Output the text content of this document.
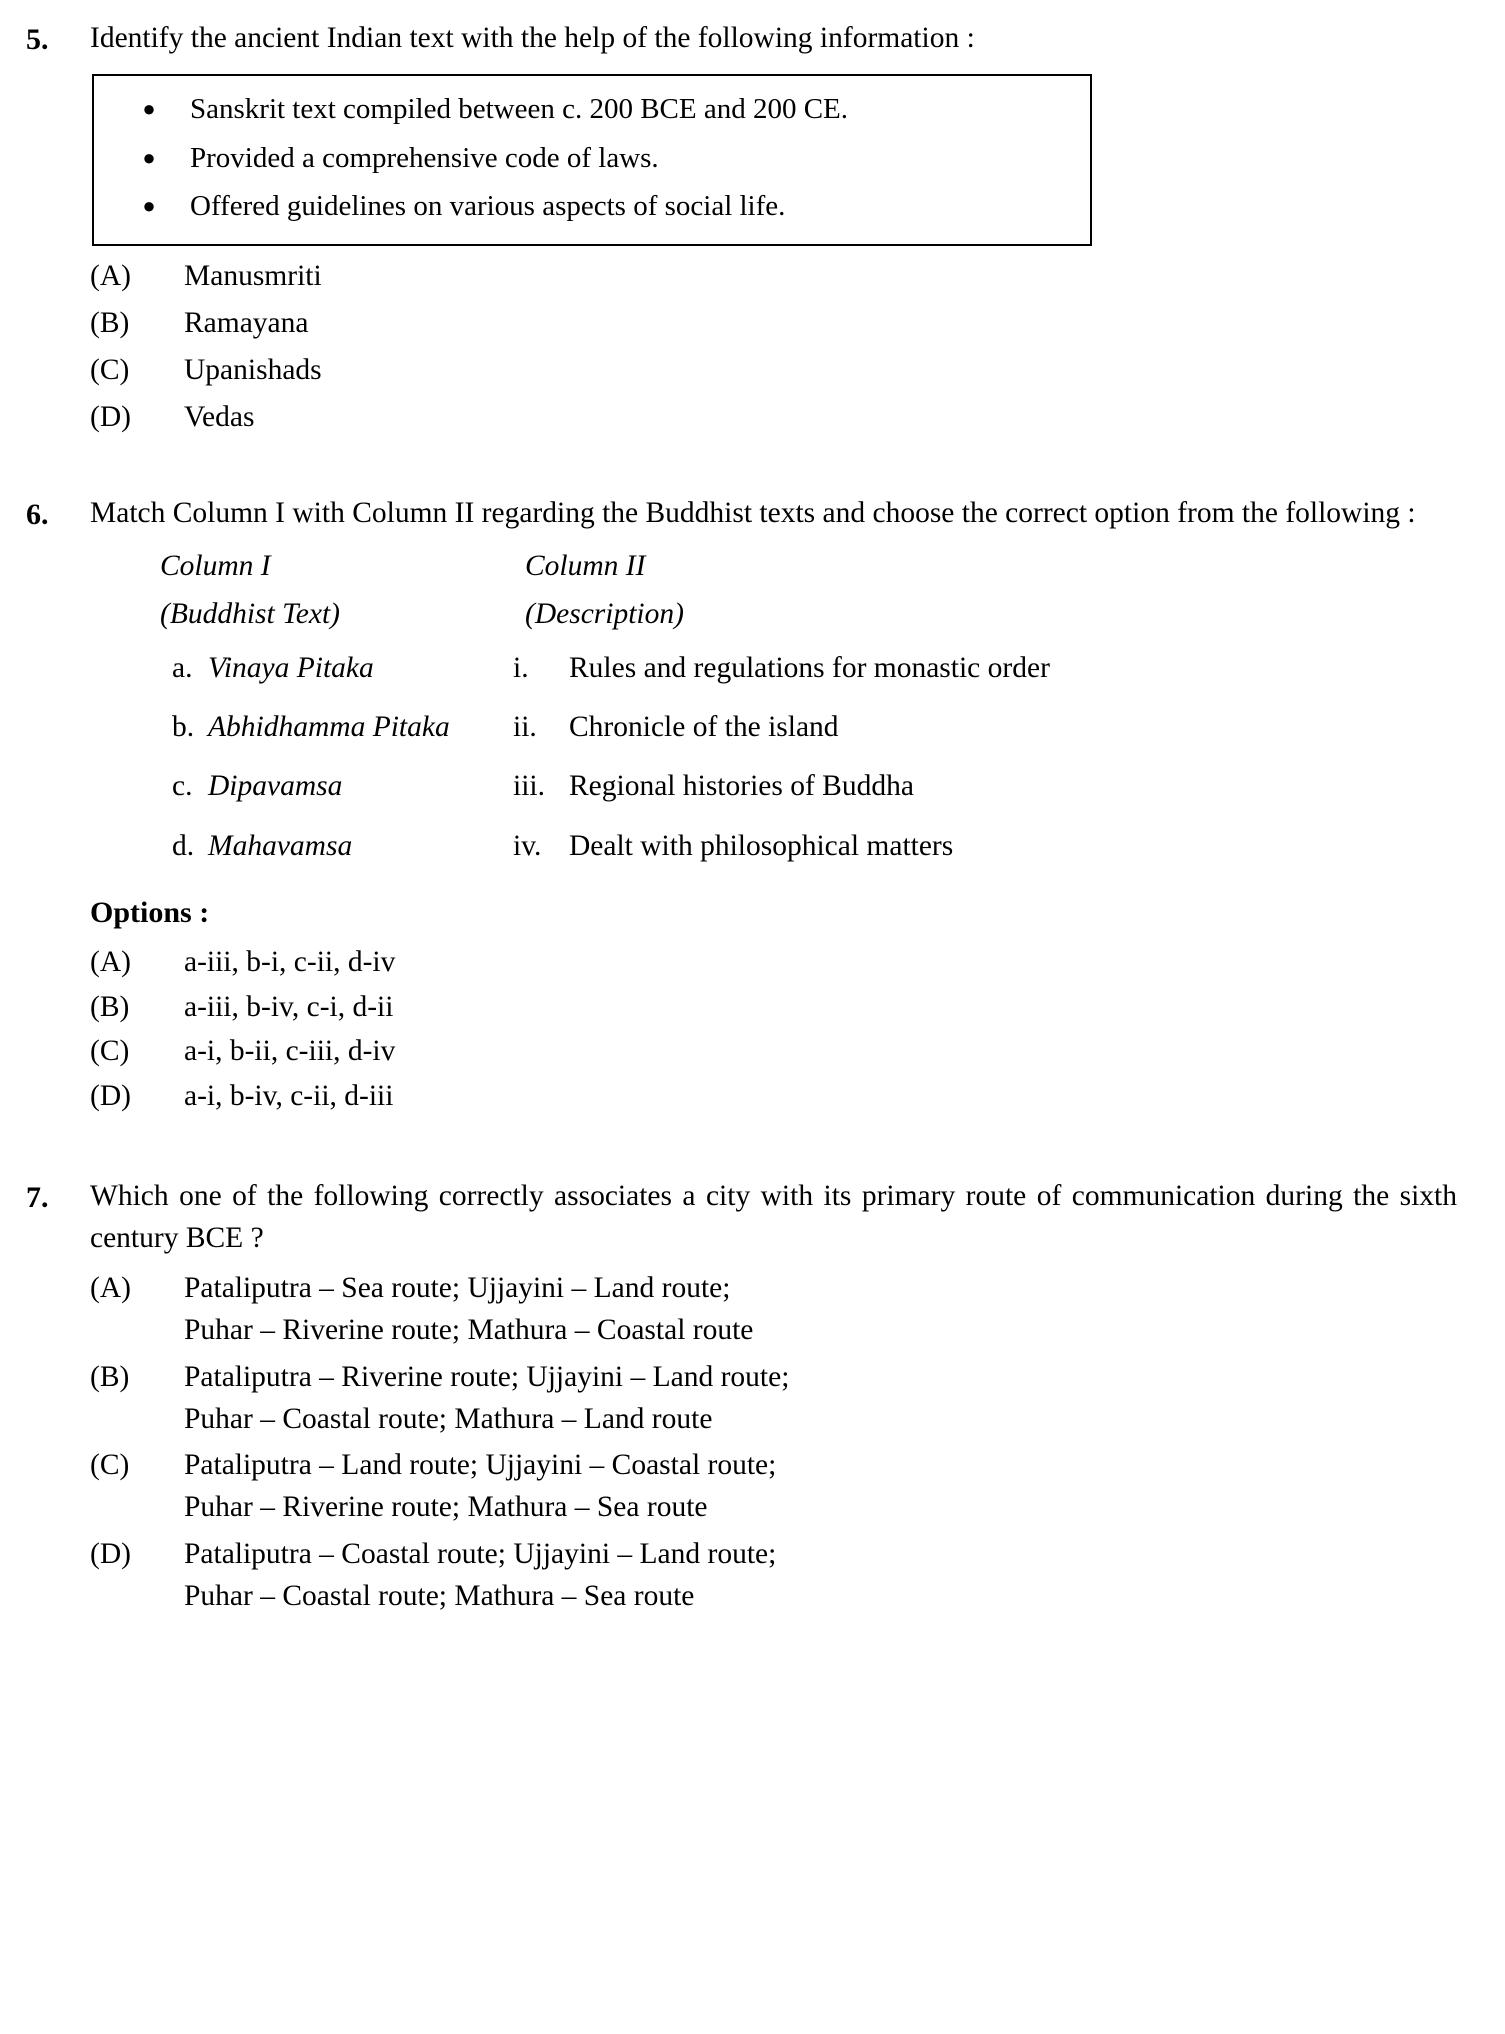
5.	Identify the ancient Indian text with the help of the following information :

●	Sanskrit text compiled between c. 200 BCE and 200 CE.
●	Provided a comprehensive code of laws.
●	Offered guidelines on various aspects of social life.
(A)	Manusmriti
(B)	Ramayana
(C)	Upanishads
(D)	Vedas
6.	Match Column I with Column II regarding the Buddhist texts and choose the correct option from the following :

Column I	Column II
(Buddhist Text)	(Description)
a. Vinaya Pitaka	i.	Rules and regulations for monastic order
b. Abhidhamma Pitaka	ii.	Chronicle of the island
c. Dipavamsa	iii. Regional histories of Buddha
d. Mahavamsa	iv. Dealt with philosophical matters
Options :
(A)	a-iii, b-i, c-ii, d-iv
(B)	a-iii, b-iv, c-i, d-ii
(C)	a-i, b-ii, c-iii, d-iv
(D)	a-i, b-iv, c-ii, d-iii
7.	Which one of the following correctly associates a city with its primary route of communication during the sixth century BCE ?

(A)	Pataliputra – Sea route; Ujjayini – Land route;
Puhar – Riverine route; Mathura – Coastal route
(B)	Pataliputra – Riverine route; Ujjayini – Land route;
Puhar – Coastal route; Mathura – Land route
(C)	Pataliputra – Land route; Ujjayini – Coastal route;
Puhar – Riverine route; Mathura – Sea route
(D)	Pataliputra – Coastal route; Ujjayini – Land route;
Puhar – Coastal route; Mathura – Sea route
